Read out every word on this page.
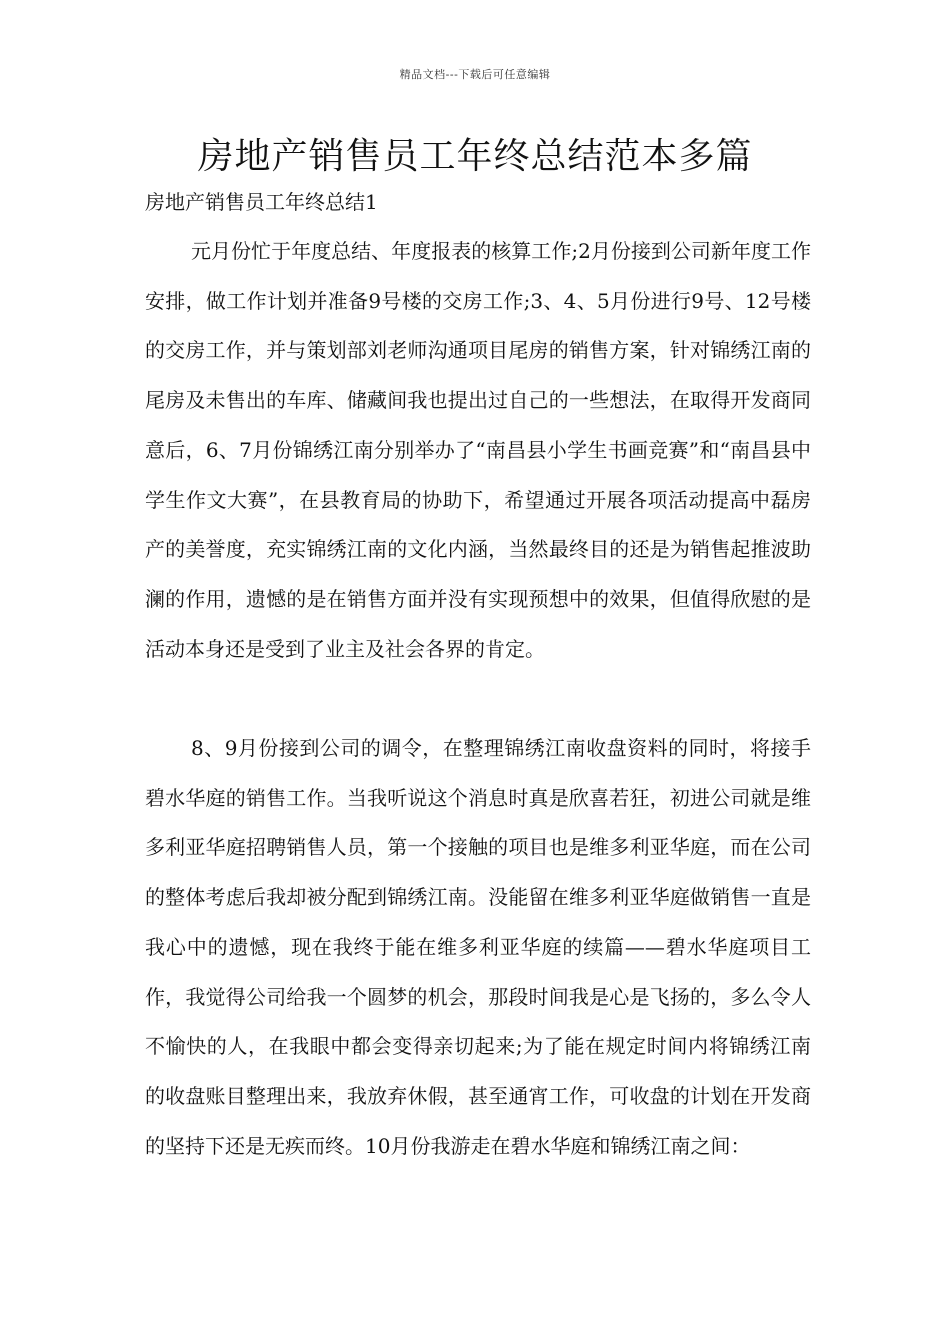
精品文档---下载后可任意编辑
房地产销售员工年终总结范本多篇

房地产销售员工年终总结1

元月份忙于年度总结、年度报表的核算工作;2月份接到公司新年度工作安排，做工作计划并准备9号楼的交房工作;3、4、5月份进行9号、12号楼的交房工作，并与策划部刘老师沟通项目尾房的销售方案，针对锦绣江南的尾房及未售出的车库、储藏间我也提出过自己的一些想法，在取得开发商同意后，6、7月份锦绣江南分别举办了“南昌县小学生书画竞赛”和“南昌县中学生作文大赛”，在县教育局的协助下，希望通过开展各项活动提高中磊房产的美誉度，充实锦绣江南的文化内涵，当然最终目的还是为销售起推波助澜的作用，遗憾的是在销售方面并没有实现预想中的效果，但值得欣慰的是活动本身还是受到了业主及社会各界的肯定。

8、9月份接到公司的调令，在整理锦绣江南收盘资料的同时，将接手碧水华庭的销售工作。当我听说这个消息时真是欣喜若狂，初进公司就是维多利亚华庭招聘销售人员，第一个接触的项目也是维多利亚华庭，而在公司的整体考虑后我却被分配到锦绣江南。没能留在维多利亚华庭做销售一直是我心中的遗憾，现在我终于能在维多利亚华庭的续篇——碧水华庭项目工作，我觉得公司给我一个圆梦的机会，那段时间我是心是飞扬的，多么令人不愉快的人，在我眼中都会变得亲切起来;为了能在规定时间内将锦绣江南的收盘账目整理出来，我放弃休假，甚至通宵工作，可收盘的计划在开发商的坚持下还是无疾而终。10月份我游走在碧水华庭和锦绣江南之间：
